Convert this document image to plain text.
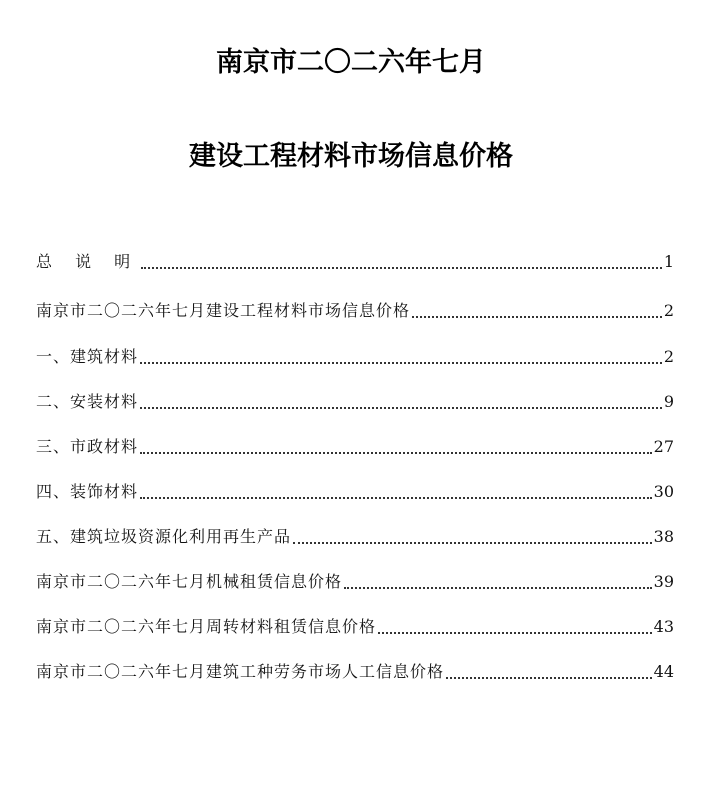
南京市二〇二六年七月
建设工程材料市场信息价格
总 说 明	1
南京市二〇二六年七月建设工程材料市场信息价格	2
一、建筑材料	2
二、安装材料	9
三、市政材料	27
四、装饰材料	30
五、建筑垃圾资源化利用再生产品	38
南京市二〇二六年七月机械租赁信息价格	39
南京市二〇二六年七月周转材料租赁信息价格	43
南京市二〇二六年七月建筑工种劳务市场人工信息价格	44
